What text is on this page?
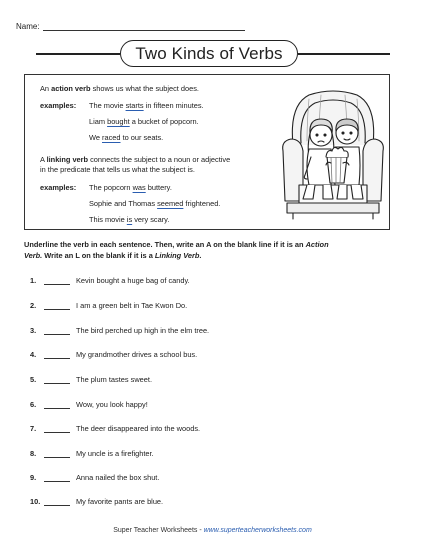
Name:
Two Kinds of Verbs
An action verb shows us what the subject does.
examples: The movie starts in fifteen minutes.
Liam bought a bucket of popcorn.
We raced to our seats.
A linking verb connects the subject to a noun or adjective
in the predicate that tells us what the subject is.
examples: The popcorn was buttery.
Sophie and Thomas seemed frightened.
This movie is very scary.
Underline the verb in each sentence. Then, write an A on the blank line if it is an Action
Verb. Write an L on the blank if it is a Linking Verb.
1.	Kevin bought a huge bag of candy.
2.	I am a green belt in Tae Kwon Do.
3.	The bird perched up high in the elm tree.
4.	My grandmother drives a school bus.
5.	The plum tastes sweet.
6.	Wow, you look happy!
7.	The deer disappeared into the woods.
8.	My uncle is a firefighter.
9.	Anna nailed the box shut.
10.	My favorite pants are blue.
Super Teacher Worksheets - www.superteacherworksheets.com
